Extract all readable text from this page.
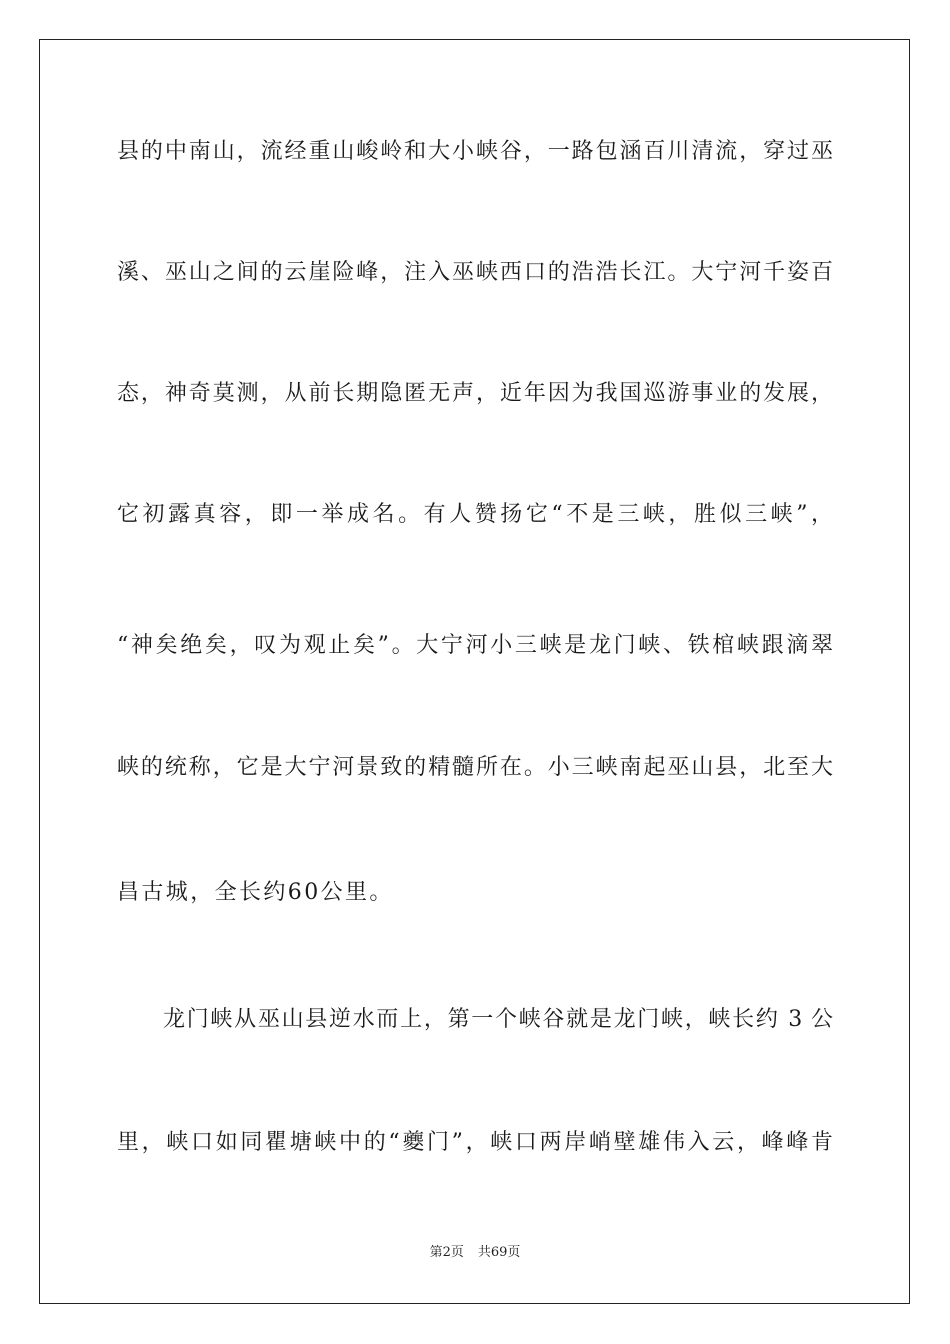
县的中南山，流经重山峻岭和大小峡谷，一路包涵百川清流，穿过巫
溪、巫山之间的云崖险峰，注入巫峡西口的浩浩长江。大宁河千姿百
态，神奇莫测，从前长期隐匿无声，近年因为我国巡游事业的发展，
它初露真容，即一举成名。有人赞扬它“不是三峡，胜似三峡”，
“神矣绝矣，叹为观止矣”。大宁河小三峡是龙门峡、铁棺峡跟滴翠
峡的统称，它是大宁河景致的精髓所在。小三峡南起巫山县，北至大
昌古城，全长约60公里。
龙门峡从巫山县逆水而上，第一个峡谷就是龙门峡，峡长约 3 公
里，峡口如同瞿塘峡中的“夔门”，峡口两岸峭壁雄伟入云，峰峰肯
第2页 共69页
